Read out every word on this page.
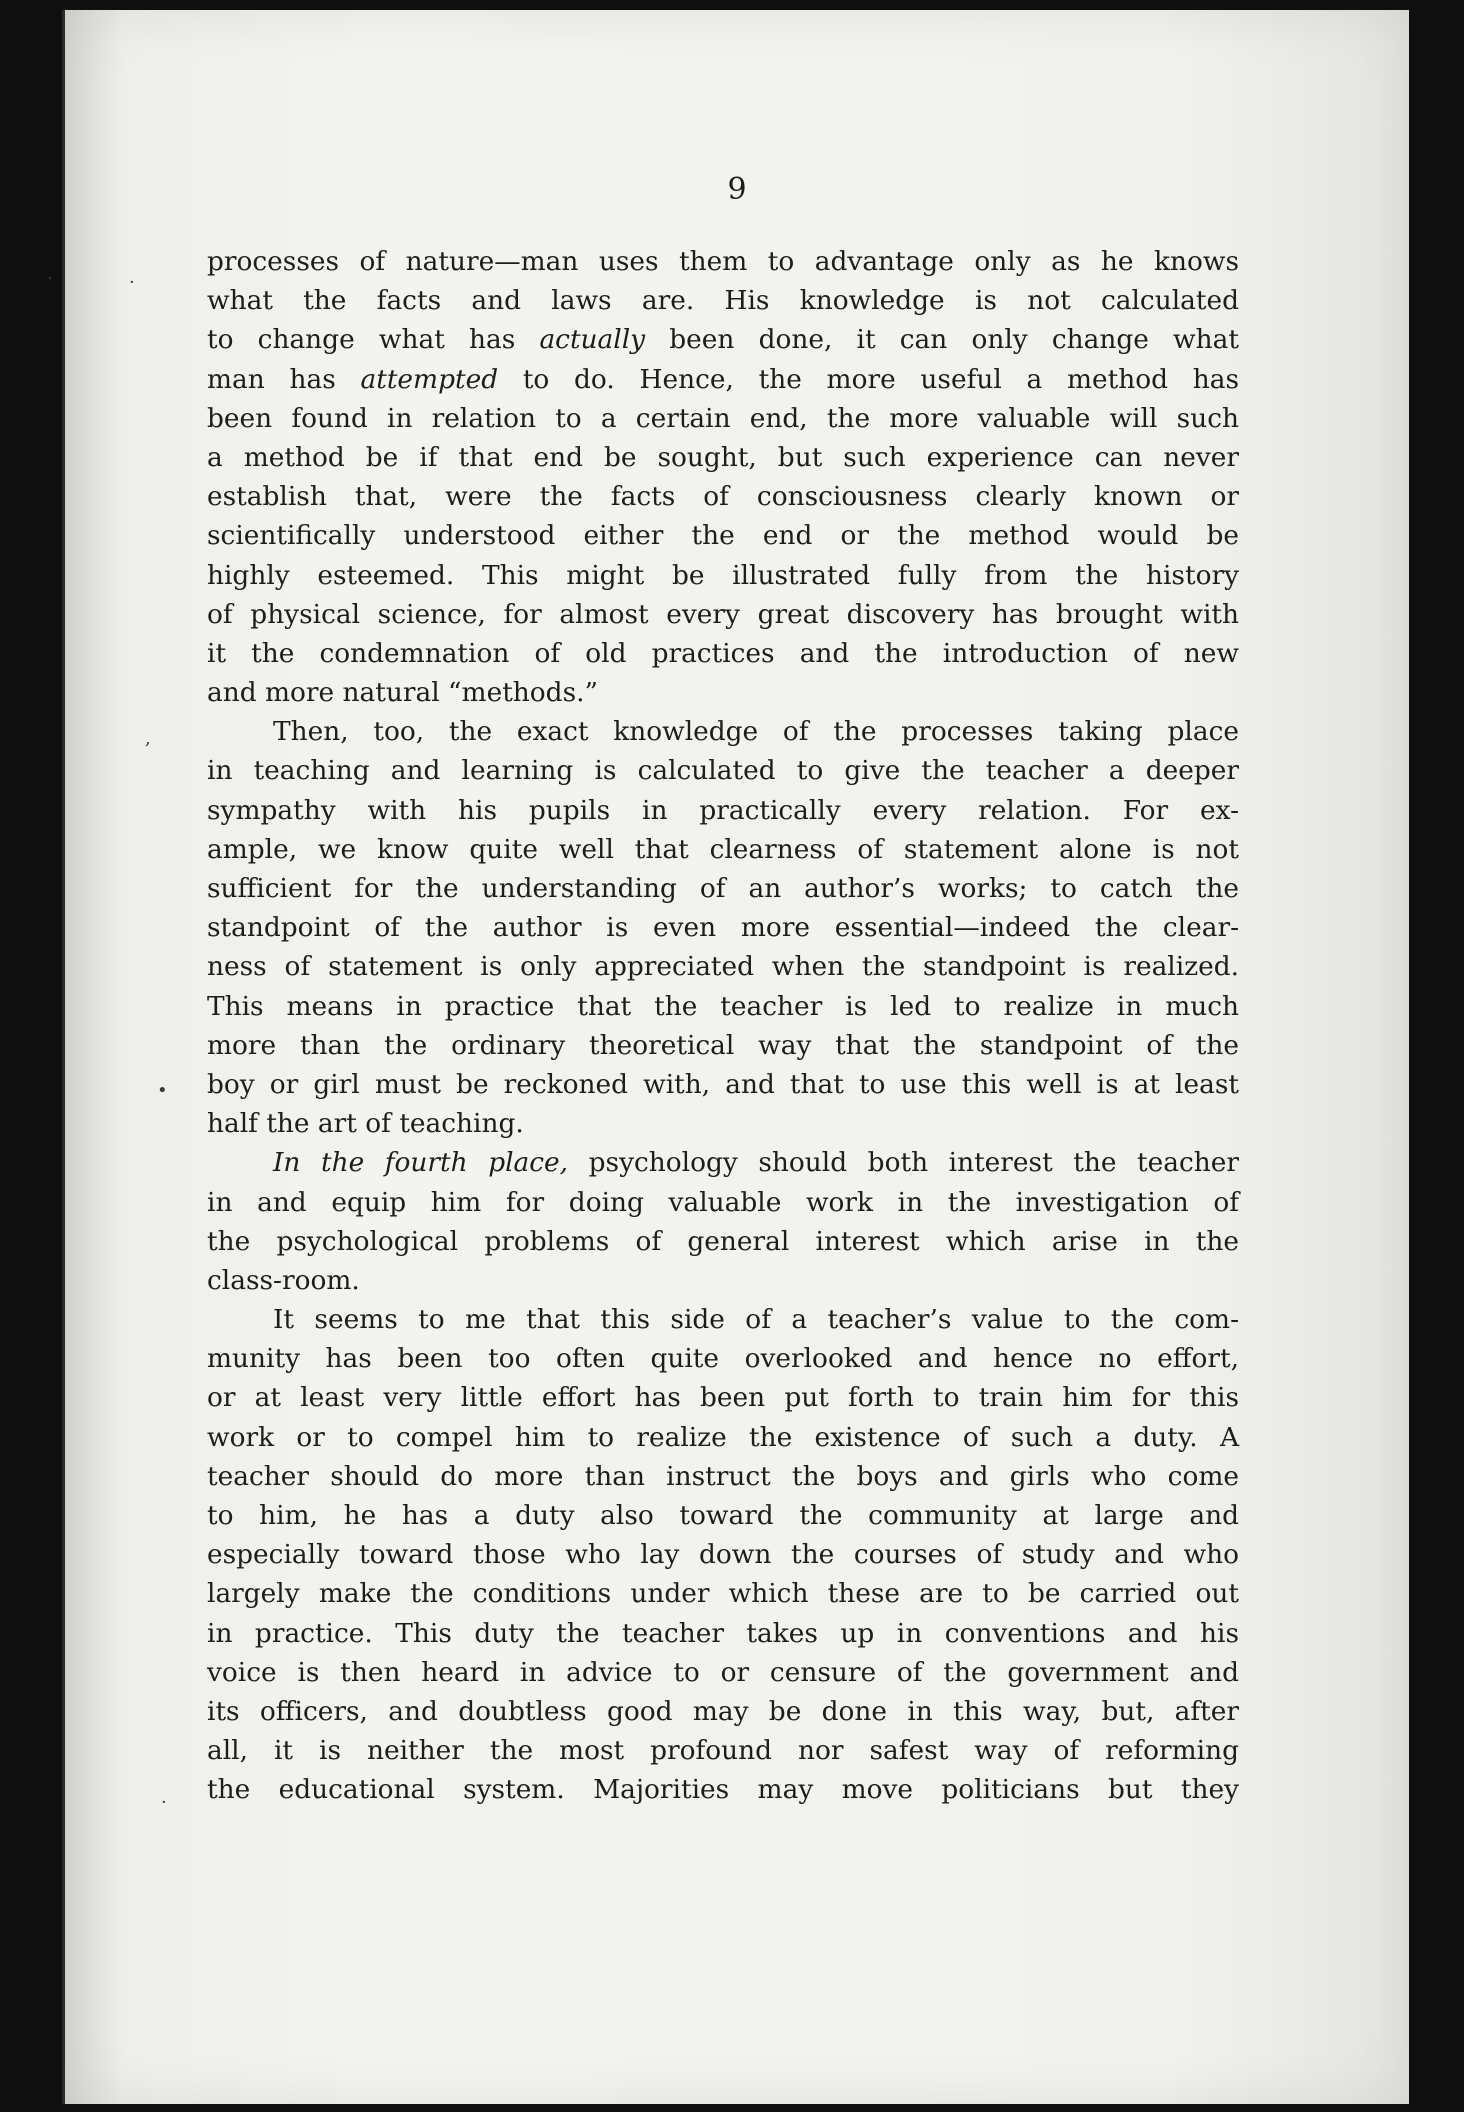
9
processes of nature—man uses them to advantage only as he knows
what the facts and laws are. His knowledge is not calculated
to change what has actually been done, it can only change what
man has attempted to do. Hence, the more useful a method has
been found in relation to a certain end, the more valuable will such
a method be if that end be sought, but such experience can never
establish that, were the facts of consciousness clearly known or
scientifically understood either the end or the method would be
highly esteemed. This might be illustrated fully from the history
of physical science, for almost every great discovery has brought with
it the condemnation of old practices and the introduction of new
and more natural “methods.”
Then, too, the exact knowledge of the processes taking place
in teaching and learning is calculated to give the teacher a deeper
sympathy with his pupils in practically every relation. For ex-
ample, we know quite well that clearness of statement alone is not
sufficient for the understanding of an author’s works; to catch the
standpoint of the author is even more essential—indeed the clear-
ness of statement is only appreciated when the standpoint is realized.
This means in practice that the teacher is led to realize in much
more than the ordinary theoretical way that the standpoint of the
boy or girl must be reckoned with, and that to use this well is at least
half the art of teaching.
In the fourth place, psychology should both interest the teacher
in and equip him for doing valuable work in the investigation of
the psychological problems of general interest which arise in the
class-room.
It seems to me that this side of a teacher’s value to the com-
munity has been too often quite overlooked and hence no effort,
or at least very little effort has been put forth to train him for this
work or to compel him to realize the existence of such a duty. A
teacher should do more than instruct the boys and girls who come
to him, he has a duty also toward the community at large and
especially toward those who lay down the courses of study and who
largely make the conditions under which these are to be carried out
in practice. This duty the teacher takes up in conventions and his
voice is then heard in advice to or censure of the government and
its officers, and doubtless good may be done in this way, but, after
all, it is neither the most profound nor safest way of reforming
the educational system. Majorities may move politicians but they
·	·
,
•
·
